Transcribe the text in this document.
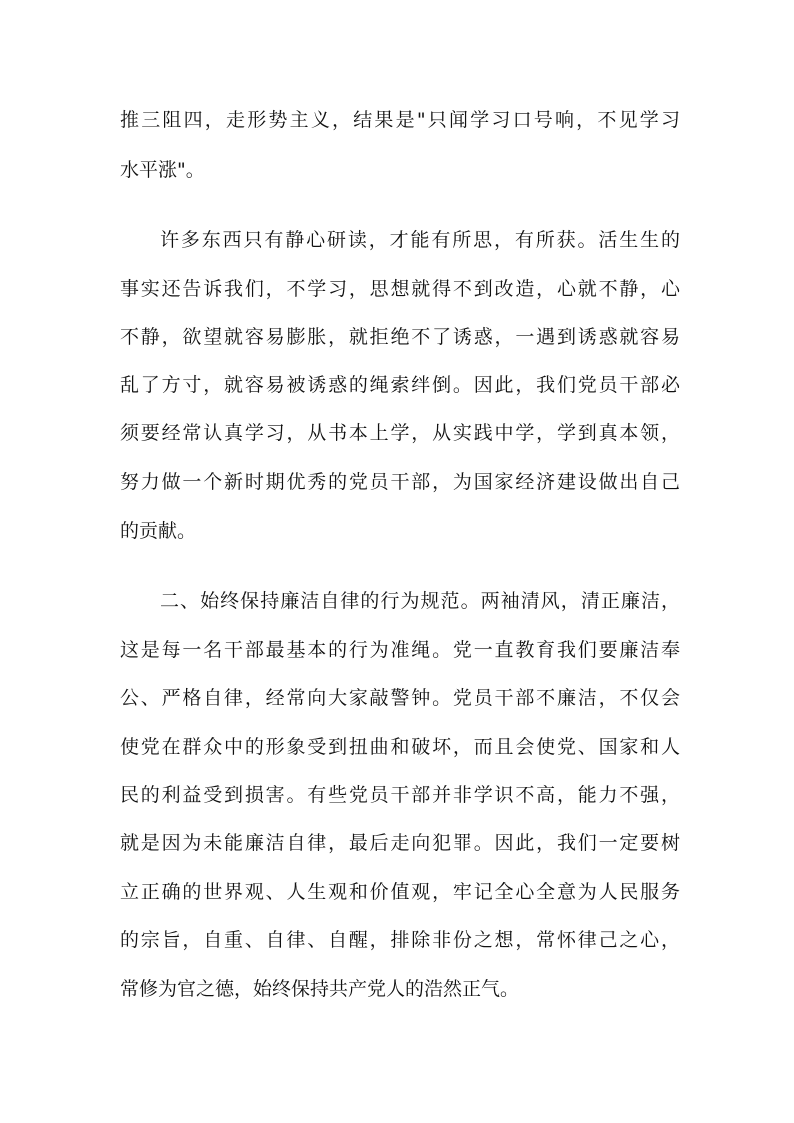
推三阻四，走形势主义，结果是"只闻学习口号响，不见学习
水平涨"。
许多东西只有静心研读，才能有所思，有所获。活生生的
事实还告诉我们，不学习，思想就得不到改造，心就不静，心
不静，欲望就容易膨胀，就拒绝不了诱惑，一遇到诱惑就容易
乱了方寸，就容易被诱惑的绳索绊倒。因此，我们党员干部必
须要经常认真学习，从书本上学，从实践中学，学到真本领，
努力做一个新时期优秀的党员干部，为国家经济建设做出自己
的贡献。
二、始终保持廉洁自律的行为规范。两袖清风，清正廉洁，
这是每一名干部最基本的行为准绳。党一直教育我们要廉洁奉
公、严格自律，经常向大家敲警钟。党员干部不廉洁，不仅会
使党在群众中的形象受到扭曲和破坏，而且会使党、国家和人
民的利益受到损害。有些党员干部并非学识不高，能力不强，
就是因为未能廉洁自律，最后走向犯罪。因此，我们一定要树
立正确的世界观、人生观和价值观，牢记全心全意为人民服务
的宗旨，自重、自律、自醒，排除非份之想，常怀律己之心，
常修为官之德，始终保持共产党人的浩然正气。
